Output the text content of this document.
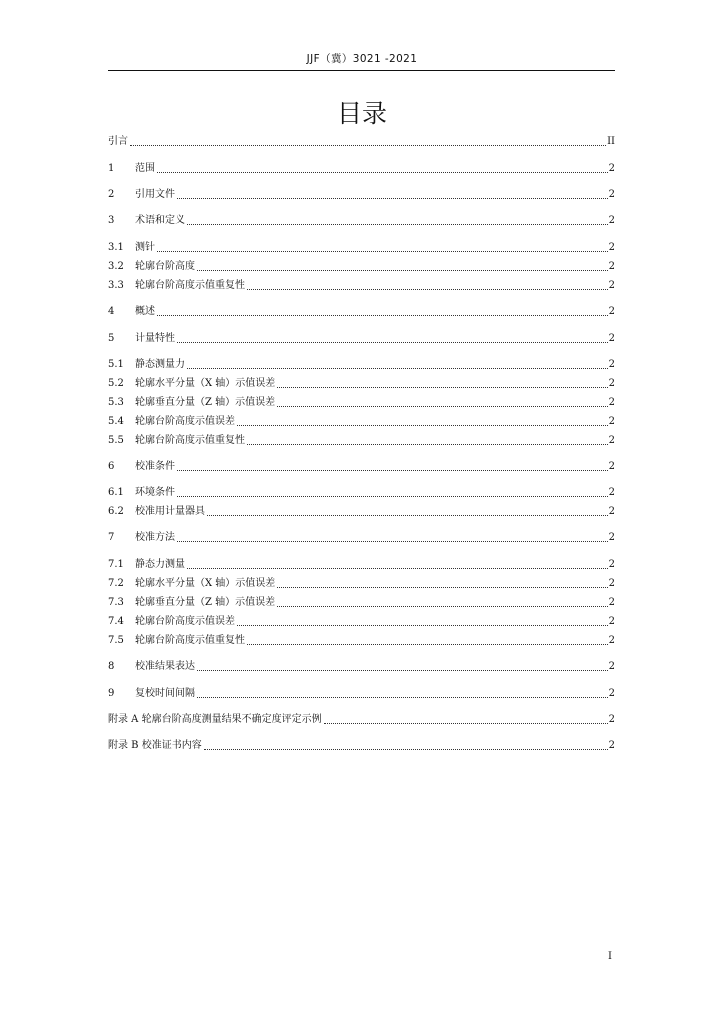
JJF（冀）3021 -2021
目录
引言	II
1	范围	2
2	引用文件	2
3	术语和定义	2
3.1	测针	2
3.2	轮廓台阶高度	2
3.3	轮廓台阶高度示值重复性	2
4	概述	2
5	计量特性	2
5.1	静态测量力	2
5.2	轮廓水平分量（X 轴）示值误差	2
5.3	轮廓垂直分量（Z 轴）示值误差	2
5.4	轮廓台阶高度示值误差	2
5.5	轮廓台阶高度示值重复性	2
6	校准条件	2
6.1	环境条件	2
6.2	校准用计量器具	2
7	校准方法	2
7.1	静态力测量	2
7.2	轮廓水平分量（X 轴）示值误差	2
7.3	轮廓垂直分量（Z 轴）示值误差	2
7.4	轮廓台阶高度示值误差	2
7.5	轮廓台阶高度示值重复性	2
8	校准结果表达	2
9	复校时间间隔	2
附录 A 轮廓台阶高度测量结果不确定度评定示例	2
附录 B 校准证书内容	2
I
